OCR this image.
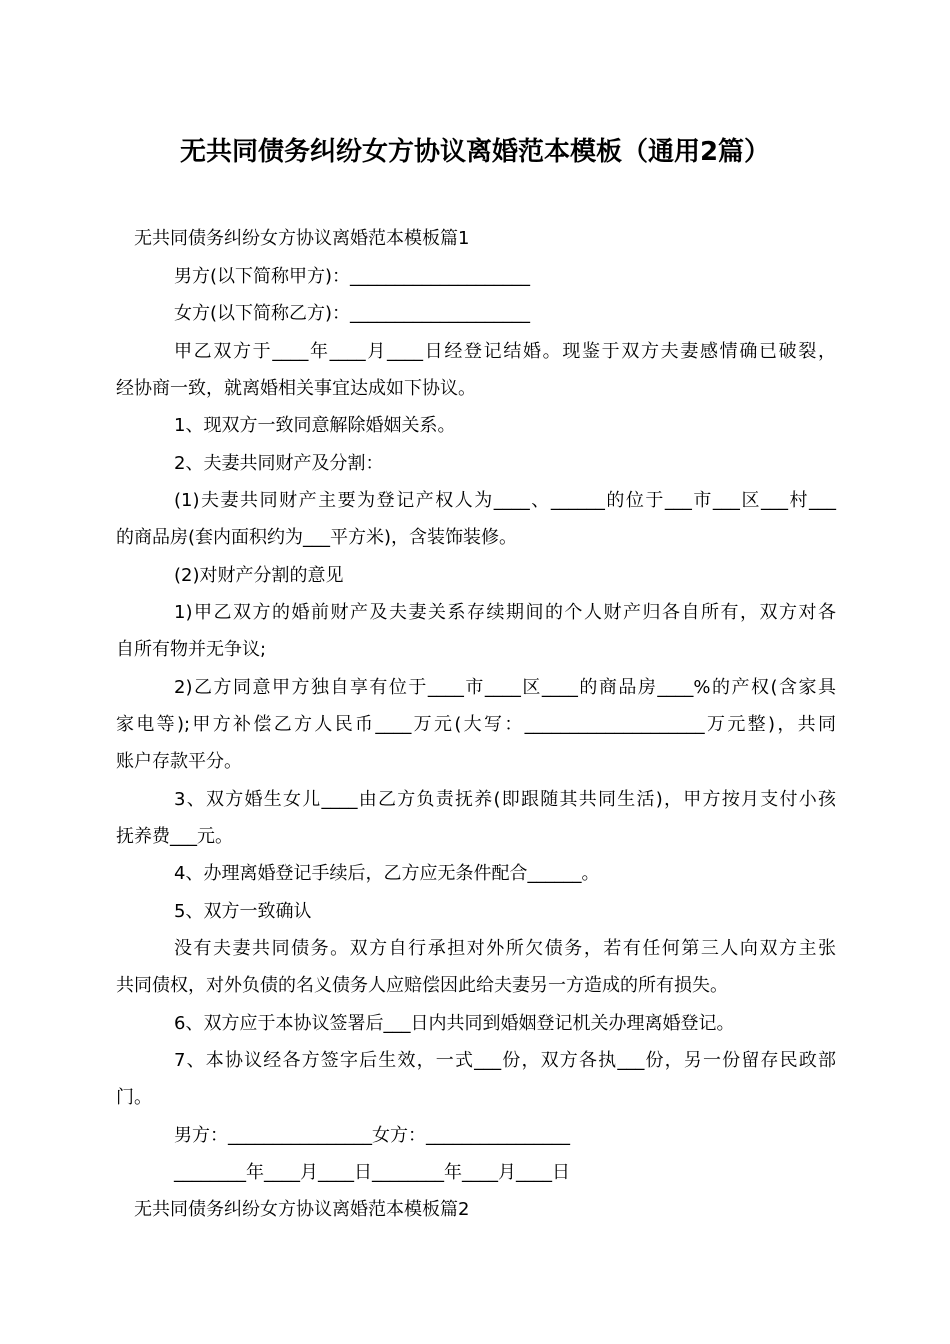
无共同债务纠纷女方协议离婚范本模板（通用2篇）
无共同债务纠纷女方协议离婚范本模板篇1
男方(以下简称甲方)：____________________
女方(以下简称乙方)：____________________
甲乙双方于____年____月____日经登记结婚。现鉴于双方夫妻感情确已破裂，
经协商一致，就离婚相关事宜达成如下协议。
1、现双方一致同意解除婚姻关系。
2、夫妻共同财产及分割：
(1)夫妻共同财产主要为登记产权人为____、______的位于___市___区___村___
的商品房(套内面积约为___平方米)，含装饰装修。
(2)对财产分割的意见
1)甲乙双方的婚前财产及夫妻关系存续期间的个人财产归各自所有，双方对各
自所有物并无争议;
2)乙方同意甲方独自享有位于____市____区____的商品房____%的产权(含家具
家电等);甲方补偿乙方人民币____万元(大写：____________________万元整)，共同
账户存款平分。
3、双方婚生女儿____由乙方负责抚养(即跟随其共同生活)，甲方按月支付小孩
抚养费___元。
4、办理离婚登记手续后，乙方应无条件配合______。
5、双方一致确认
没有夫妻共同债务。双方自行承担对外所欠债务，若有任何第三人向双方主张
共同债权，对外负债的名义债务人应赔偿因此给夫妻另一方造成的所有损失。
6、双方应于本协议签署后___日内共同到婚姻登记机关办理离婚登记。
7、本协议经各方签字后生效，一式___份，双方各执___份，另一份留存民政部
门。
男方：________________女方：________________
________年____月____日________年____月____日
无共同债务纠纷女方协议离婚范本模板篇2
